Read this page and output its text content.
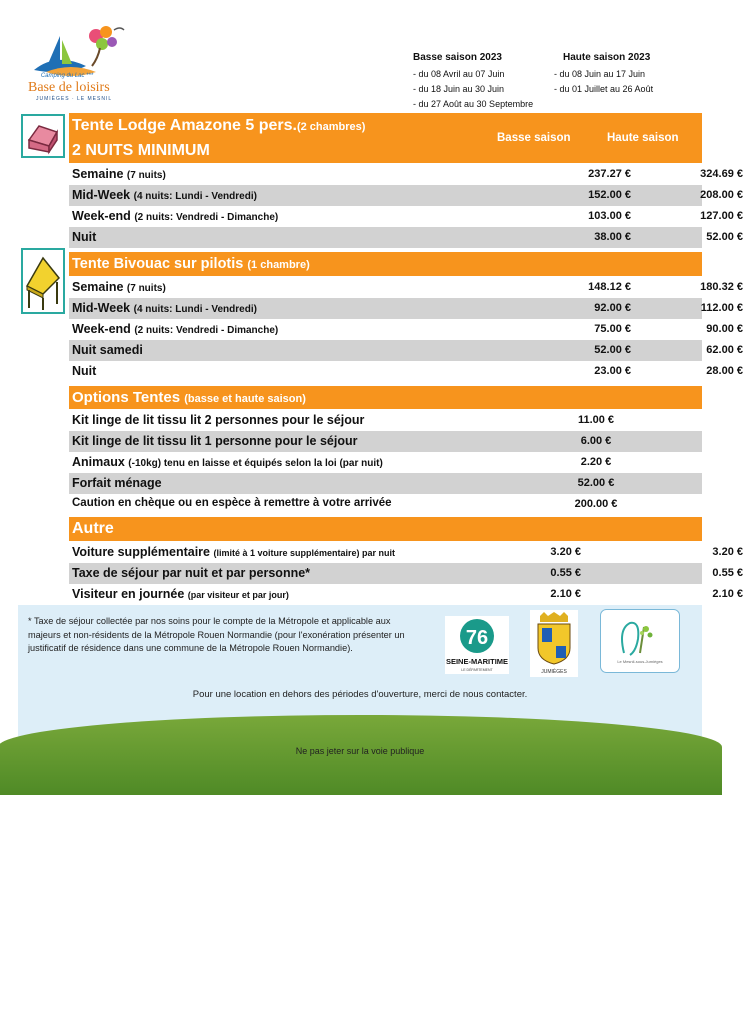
Camping du Lac ***
Base de loisirs
JUMIÈGES · LE MESNIL
Basse saison 2023
- du 08 Avril au 07 Juin
- du 18 Juin au 30 Juin
- du 27 Août au 30 Septembre
Haute saison 2023
- du 08 Juin au 17 Juin
- du 01 Juillet au 26 Août
Tente Lodge Amazone 5 pers.(2 chambres)
2 NUITS MINIMUM
Basse saison	Haute saison
Semaine (7 nuits)	237.27 €	324.69 €
Mid-Week (4 nuits: Lundi - Vendredi)	152.00 €	208.00 €
Week-end (2 nuits: Vendredi - Dimanche)	103.00 €	127.00 €
Nuit	38.00 €	52.00 €
Tente Bivouac sur pilotis (1 chambre)
Semaine (7 nuits)	148.12 €	180.32 €
Mid-Week (4 nuits: Lundi - Vendredi)	92.00 €	112.00 €
Week-end (2 nuits: Vendredi - Dimanche)	75.00 €	90.00 €
Nuit samedi	52.00 €	62.00 €
Nuit	23.00 €	28.00 €
Options Tentes (basse et haute saison)
Kit linge de lit tissu lit 2 personnes pour le séjour	11.00 €
Kit linge de lit tissu lit 1 personne pour le séjour	6.00 €
Animaux (-10kg) tenu en laisse et équipés selon la loi (par nuit)	2.20 €
Forfait ménage	52.00 €
Caution en chèque ou en espèce à remettre à votre arrivée	200.00 €
Autre
Voiture supplémentaire (limité à 1 voiture supplémentaire) par nuit	3.20 €	3.20 €
Taxe de séjour par nuit et par personne*	0.55 €	0.55 €
Visiteur en journée (par visiteur et par jour)	2.10 €	2.10 €
* Taxe de séjour collectée par nos soins pour le compte de la Métropole et applicable aux majeurs et non-résidents de la Métropole Rouen Normandie (pour l'exonération présenter un justificatif de résidence dans une commune de la Métropole Rouen Normandie).	76
SEINE-MARITIME
LE DÉPARTEMENT	JUMIÈGES
Le Mesnil-sous-Jumièges
Pour une location en dehors des périodes d'ouverture, merci de nous contacter.
Ne pas jeter sur la voie publique
